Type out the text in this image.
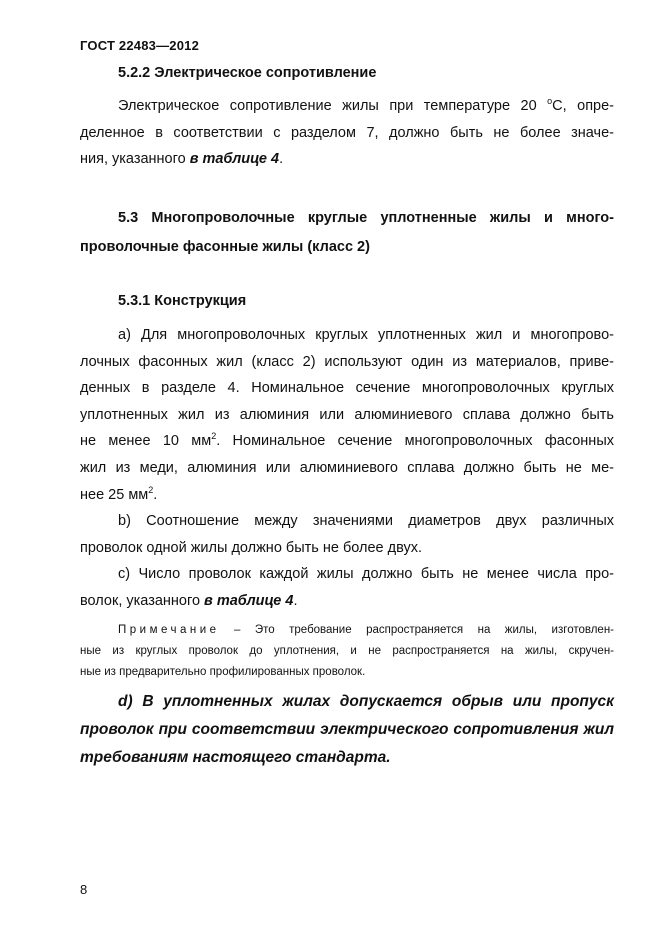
ГОСТ 22483—2012
5.2.2 Электрическое сопротивление
Электрическое сопротивление жилы при температуре 20 $^о$С, опре-
деленное в соответствии с разделом 7, должно быть не более значе-
ния, указанного в таблице 4.
5.3 Многопроволочные круглые уплотненные жилы и много-
проволочные фасонные жилы (класс 2)
5.3.1 Конструкция
а) Для многопроволочных круглых уплотненных жил и многопрово-
лочных фасонных жил (класс 2) используют один из материалов, приве-
денных в разделе 4. Номинальное сечение многопроволочных круглых
уплотненных жил из алюминия или алюминиевого сплава должно быть
не менее 10 $мм^2$. Номинальное сечение многопроволочных фасонных
жил из меди, алюминия или алюминиевого сплава должно быть не ме-
нее 25 $мм^2$.
b) Соотношение между значениями диаметров двух различных
проволок одной жилы должно быть не более двух.
c) Число проволок каждой жилы должно быть не менее числа про-
волок, указанного в таблице 4.
Примечание – Это требование распространяется на жилы, изготовлен-
ные из круглых проволок до уплотнения, и не распространяется на жилы, скручен-
ные из предварительно профилированных проволок.
d) В уплотненных жилах допускается обрыв или пропуск
проволок при соответствии электрического сопротивления жил
требованиям настоящего стандарта.
8
